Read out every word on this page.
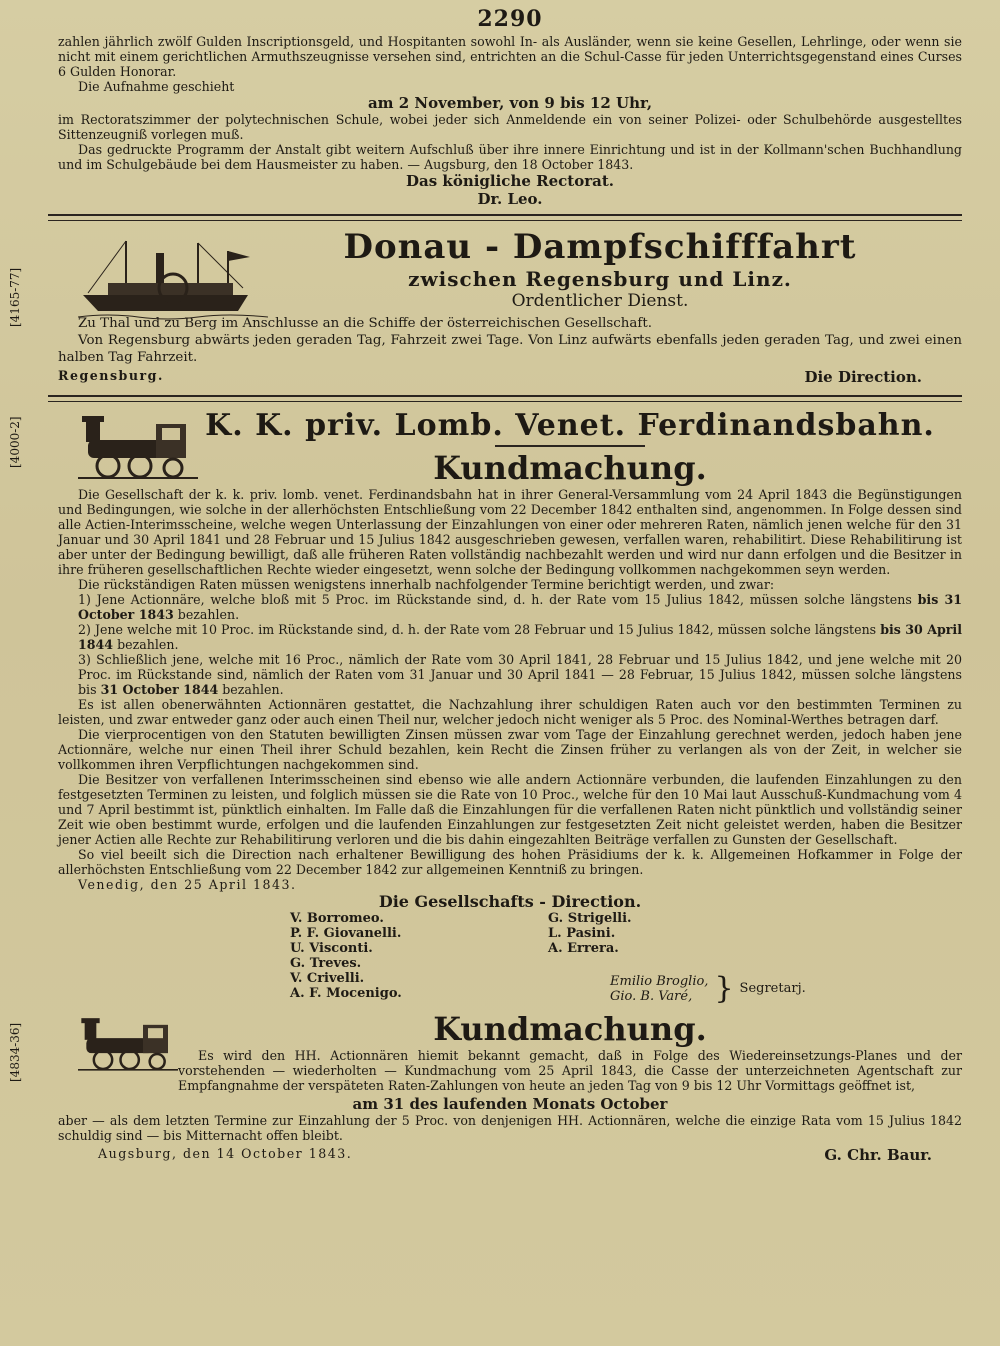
2290

zahlen jährlich zwölf Gulden Inscriptionsgeld, und Hospitanten sowohl In- als Ausländer, wenn sie keine Gesellen, Lehrlinge, oder wenn sie nicht mit einem gerichtlichen Armuthszeugnisse versehen sind, entrichten an die Schul-Casse für jeden Unterrichtsgegenstand eines Curses 6 Gulden Honorar.

Die Aufnahme geschieht

am 2 November, von 9 bis 12 Uhr,

im Rectoratszimmer der polytechnischen Schule, wobei jeder sich Anmeldende ein von seiner Polizei- oder Schulbehörde ausgestelltes Sittenzeugniß vorlegen muß.

Das gedruckte Programm der Anstalt gibt weitern Aufschluß über ihre innere Einrichtung und ist in der Kollmann'schen Buchhandlung und im Schulgebäude bei dem Hausmeister zu haben. — Augsburg, den 18 October 1843.

Das königliche Rectorat.

Dr. Leo.

[4165-77]
Donau - Dampfschifffahrt
zwischen Regensburg und Linz.
Ordentlicher Dienst.

Zu Thal und zu Berg im Anschlusse an die Schiffe der österreichischen Gesellschaft.

Von Regensburg abwärts jeden geraden Tag, Fahrzeit zwei Tage. Von Linz aufwärts ebenfalls jeden geraden Tag, und zwei einen halben Tag Fahrzeit.

Regensburg.	Die Direction.
[4000-2]	K. K. priv. Lomb. Venet. Ferdinandsbahn.
Kundmachung.

Die Gesellschaft der k. k. priv. lomb. venet. Ferdinandsbahn hat in ihrer General-Versammlung vom 24 April 1843 die Begünstigungen und Bedingungen, wie solche in der allerhöchsten Entschließung vom 22 December 1842 enthalten sind, angenommen. In Folge dessen sind alle Actien-Interimsscheine, welche wegen Unterlassung der Einzahlungen von einer oder mehreren Raten, nämlich jenen welche für den 31 Januar und 30 April 1841 und 28 Februar und 15 Julius 1842 ausgeschrieben gewesen, verfallen waren, rehabilitirt. Diese Rehabilitirung ist aber unter der Bedingung bewilligt, daß alle früheren Raten vollständig nachbezahlt werden und wird nur dann erfolgen und die Besitzer in ihre früheren gesellschaftlichen Rechte wieder eingesetzt, wenn solche der Bedingung vollkommen nachgekommen seyn werden.

Die rückständigen Raten müssen wenigstens innerhalb nachfolgender Termine berichtigt werden, und zwar:

1) Jene Actionnäre, welche bloß mit 5 Proc. im Rückstande sind, d. h. der Rate vom 15 Julius 1842, müssen solche längstens bis 31 October 1843 bezahlen.

2) Jene welche mit 10 Proc. im Rückstande sind, d. h. der Rate vom 28 Februar und 15 Julius 1842, müssen solche längstens bis 30 April 1844 bezahlen.

3) Schließlich jene, welche mit 16 Proc., nämlich der Rate vom 30 April 1841, 28 Februar und 15 Julius 1842, und jene welche mit 20 Proc. im Rückstande sind, nämlich der Raten vom 31 Januar und 30 April 1841 — 28 Februar, 15 Julius 1842, müssen solche längstens bis 31 October 1844 bezahlen.

Es ist allen obenerwähnten Actionnären gestattet, die Nachzahlung ihrer schuldigen Raten auch vor den bestimmten Terminen zu leisten, und zwar entweder ganz oder auch einen Theil nur, welcher jedoch nicht weniger als 5 Proc. des Nominal-Werthes betragen darf.

Die vierprocentigen von den Statuten bewilligten Zinsen müssen zwar vom Tage der Einzahlung gerechnet werden, jedoch haben jene Actionnäre, welche nur einen Theil ihrer Schuld bezahlen, kein Recht die Zinsen früher zu verlangen als von der Zeit, in welcher sie vollkommen ihren Verpflichtungen nachgekommen sind.

Die Besitzer von verfallenen Interimsscheinen sind ebenso wie alle andern Actionnäre verbunden, die laufenden Einzahlungen zu den festgesetzten Terminen zu leisten, und folglich müssen sie die Rate von 10 Proc., welche für den 10 Mai laut Ausschuß-Kundmachung vom 4 und 7 April bestimmt ist, pünktlich einhalten. Im Falle daß die Einzahlungen für die verfallenen Raten nicht pünktlich und vollständig seiner Zeit wie oben bestimmt wurde, erfolgen und die laufenden Einzahlungen zur festgesetzten Zeit nicht geleistet werden, haben die Besitzer jener Actien alle Rechte zur Rehabilitirung verloren und die bis dahin eingezahlten Beiträge verfallen zu Gunsten der Gesellschaft.

So viel beeilt sich die Direction nach erhaltener Bewilligung des hohen Präsidiums der k. k. Allgemeinen Hofkammer in Folge der allerhöchsten Entschließung vom 22 December 1842 zur allgemeinen Kenntniß zu bringen.

Venedig, den 25 April 1843.

Die Gesellschafts - Direction.
V. Borromeo.
P. F. Giovanelli.
U. Visconti.
G. Treves.
V. Crivelli.
A. F. Mocenigo.
G. Strigelli.
L. Pasini.
A. Errera.
Emilio Broglio,
Gio. B. Varé, } Segretarj.
[4834-36]	Kundmachung.

Es wird den HH. Actionnären hiemit bekannt gemacht, daß in Folge des Wiedereinsetzungs-Planes und der vorstehenden — wiederholten — Kundmachung vom 25 April 1843, die Casse der unterzeichneten Agentschaft zur Empfangnahme der verspäteten Raten-Zahlungen von heute an jeden Tag von 9 bis 12 Uhr Vormittags geöffnet ist,

am 31 des laufenden Monats October

aber — als dem letzten Termine zur Einzahlung der 5 Proc. von denjenigen HH. Actionnären, welche die einzige Rata vom 15 Julius 1842 schuldig sind — bis Mitternacht offen bleibt.

Augsburg, den 14 October 1843.	G. Chr. Baur.
